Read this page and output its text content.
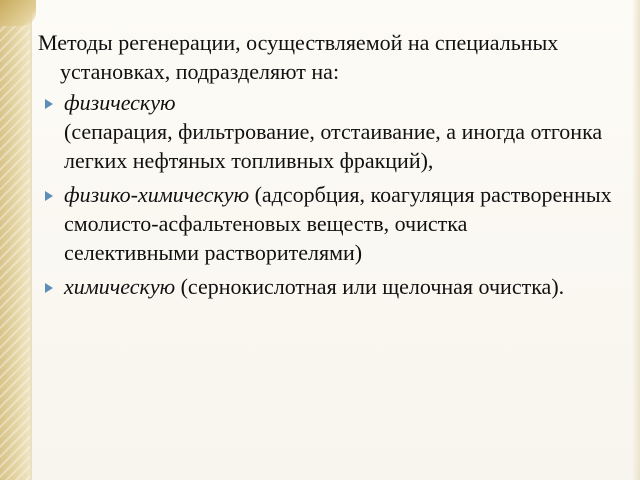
Методы регенерации, осуществляемой на специальных установках, подразделяют на:

физическую
(сепарация, фильтрование, отстаивание, а иногда отгонка легких нефтяных топливных фракций),
физико-химическую (адсорбция, коагуляция растворенных смолисто-асфальтеновых веществ, очистка
селективными растворителями)
химическую (сернокислотная или щелочная очистка).
